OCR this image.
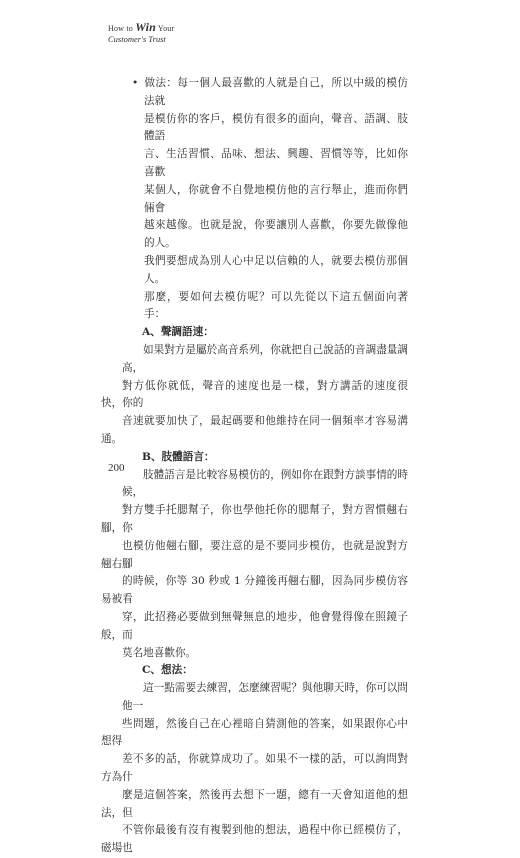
How to Win Your
Customer's Trust

• 做法：每一個人最喜歡的人就是自己，所以中級的模仿法就
是模仿你的客戶，模仿有很多的面向，聲音、語調、肢體語
言、生活習慣、品味、想法、興趣、習慣等等，比如你喜歡
某個人，你就會不自覺地模仿他的言行舉止，進而你們倆會
越來越像。也就是說，你要讓別人喜歡，你要先做像他的人。
我們要想成為別人心中足以信賴的人，就要去模仿那個人。
那麼，要如何去模仿呢？可以先從以下這五個面向著手：

A、聲調語速：

如果對方是屬於高音系列，你就把自己說話的音調盡量調高，
對方低你就低，聲音的速度也是一樣，對方講話的速度很快，你的
音速就要加快了，最起碼要和他維持在同一個頻率才容易溝通。

B、肢體語言：

肢體語言是比較容易模仿的，例如你在跟對方談事情的時候，
對方雙手托腮幫子，你也學他托你的腮幫子，對方習慣翹右腳，你
也模仿他翹右腳，要注意的是不要同步模仿，也就是說對方翹右腳
的時候，你等 30 秒或 1 分鐘後再翹右腳，因為同步模仿容易被看
穿，此招務必要做到無聲無息的地步，他會覺得像在照鏡子般，而
莫名地喜歡你。

C、想法：

這一點需要去練習，怎麼練習呢？與他聊天時，你可以問他一
些問題，然後自己在心裡暗自猜測他的答案，如果跟你心中想得
差不多的話，你就算成功了。如果不一樣的話，可以詢問對方為什
麼是這個答案，然後再去想下一題，總有一天會知道他的想法，但
不管你最後有沒有複製到他的想法，過程中你已經模仿了，磁場也

200
